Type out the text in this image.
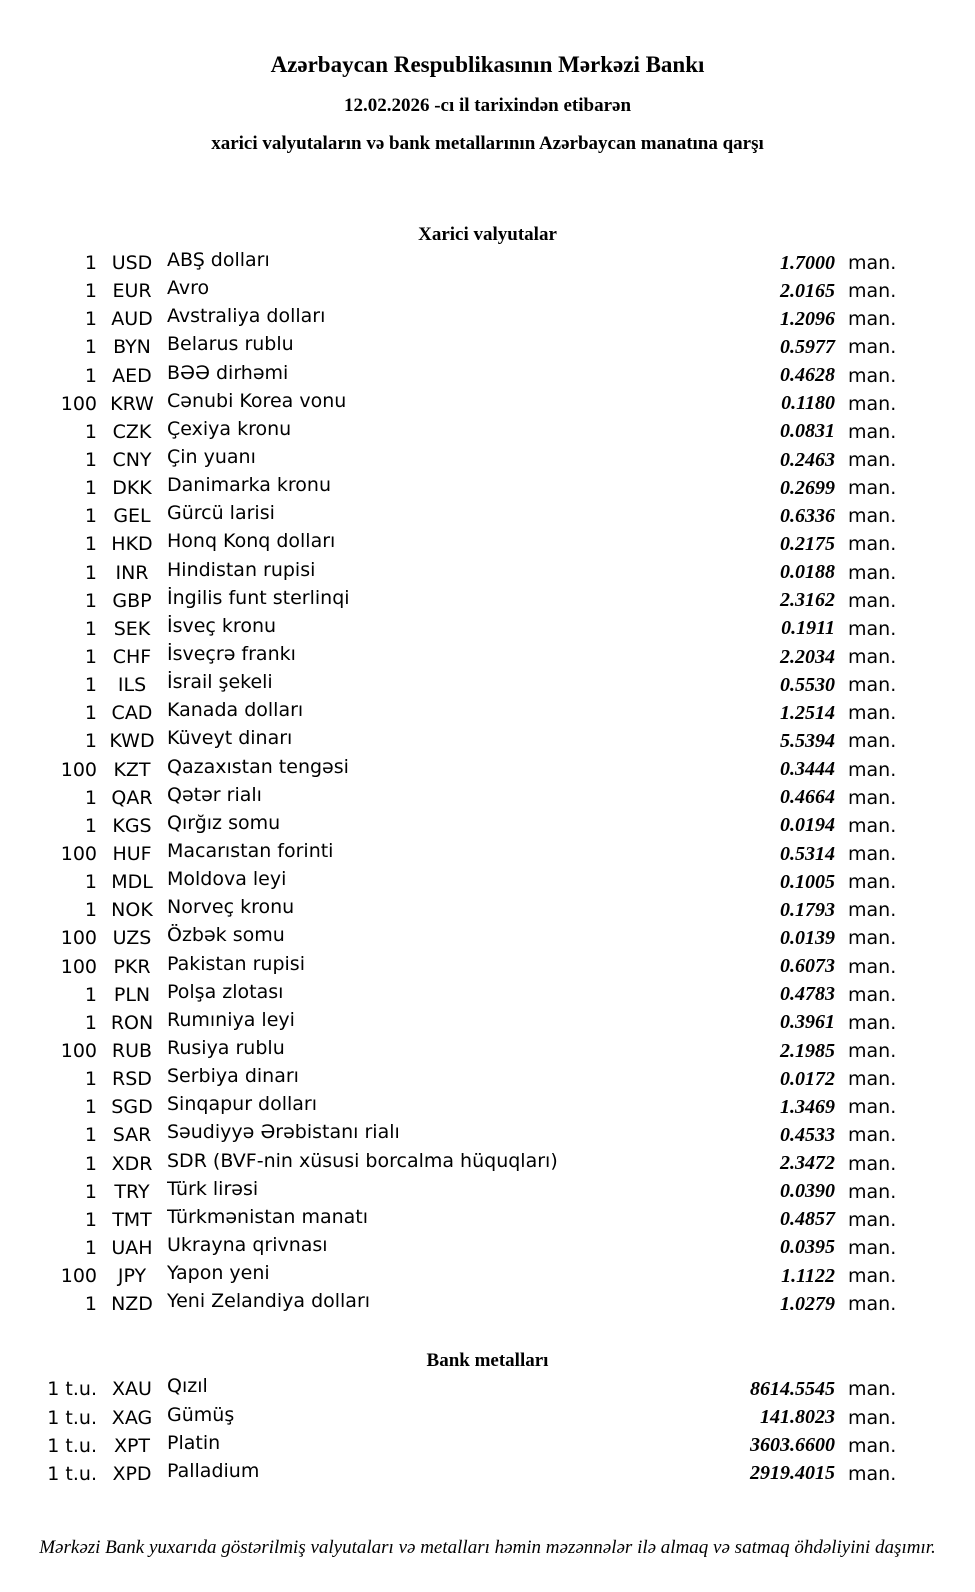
Azərbaycan Respublikasının Mərkəzi Bankı
12.02.2026 -cı il tarixindən etibarən
xarici valyutaların və bank metallarının Azərbaycan manatına qarşı
Xarici valyutalar
1 USD ABŞ dolları	1.7000 man.
1 EUR Avro	2.0165 man.
1 AUD Avstraliya dolları	1.2096 man.
1 BYN Belarus rublu	0.5977 man.
1 AED BƏƏ dirhəmi	0.4628 man.
100 KRW Cənubi Korea vonu	0.1180 man.
1 CZK Çexiya kronu	0.0831 man.
1 CNY Çin yuanı	0.2463 man.
1 DKK Danimarka kronu	0.2699 man.
1 GEL Gürcü larisi	0.6336 man.
1 HKD Honq Konq dolları	0.2175 man.
1 INR Hindistan rupisi	0.0188 man.
1 GBP İngilis funt sterlinqi	2.3162 man.
1 SEK İsveç kronu	0.1911 man.
1 CHF İsveçrə frankı	2.2034 man.
1	ILS	İsrail şekeli	0.5530 man.
1 CAD Kanada dolları	1.2514 man.
1 KWD Küveyt dinarı	5.5394 man.
100 KZT Qazaxıstan tengəsi	0.3444 man.
1 QAR Qətər rialı	0.4664 man.
1 KGS Qırğız somu	0.0194 man.
100 HUF Macarıstan forinti	0.5314 man.
1 MDL Moldova leyi	0.1005 man.
1 NOK Norveç kronu	0.1793 man.
100 UZS Özbək somu	0.0139 man.
100 PKR Pakistan rupisi	0.6073 man.
1 PLN Polşa zlotası	0.4783 man.
1 RON Rumıniya leyi	0.3961 man.
100 RUB Rusiya rublu	2.1985 man.
1 RSD Serbiya dinarı	0.0172 man.
1 SGD Sinqapur dolları	1.3469 man.
1 SAR Səudiyyə Ərəbistanı rialı	0.4533 man.
1 XDR SDR (BVF-nin xüsusi borcalma hüquqları)	2.3472 man.
1 TRY Türk lirəsi	0.0390 man.
1 TMT Türkmənistan manatı	0.4857 man.
1 UAH Ukrayna qrivnası	0.0395 man.
100	JPY	Yapon yeni	1.1122 man.
1 NZD Yeni Zelandiya dolları	1.0279 man.
Bank metalları
1 t.u. XAU Qızıl	8614.5545 man.
1 t.u. XAG Gümüş	141.8023 man.
1 t.u. XPT Platin	3603.6600 man.
1 t.u. XPD Palladium	2919.4015 man.
Mərkəzi Bank yuxarıda göstərilmiş valyutaları və metalları həmin məzənnələr ilə almaq və satmaq öhdəliyini daşımır.
